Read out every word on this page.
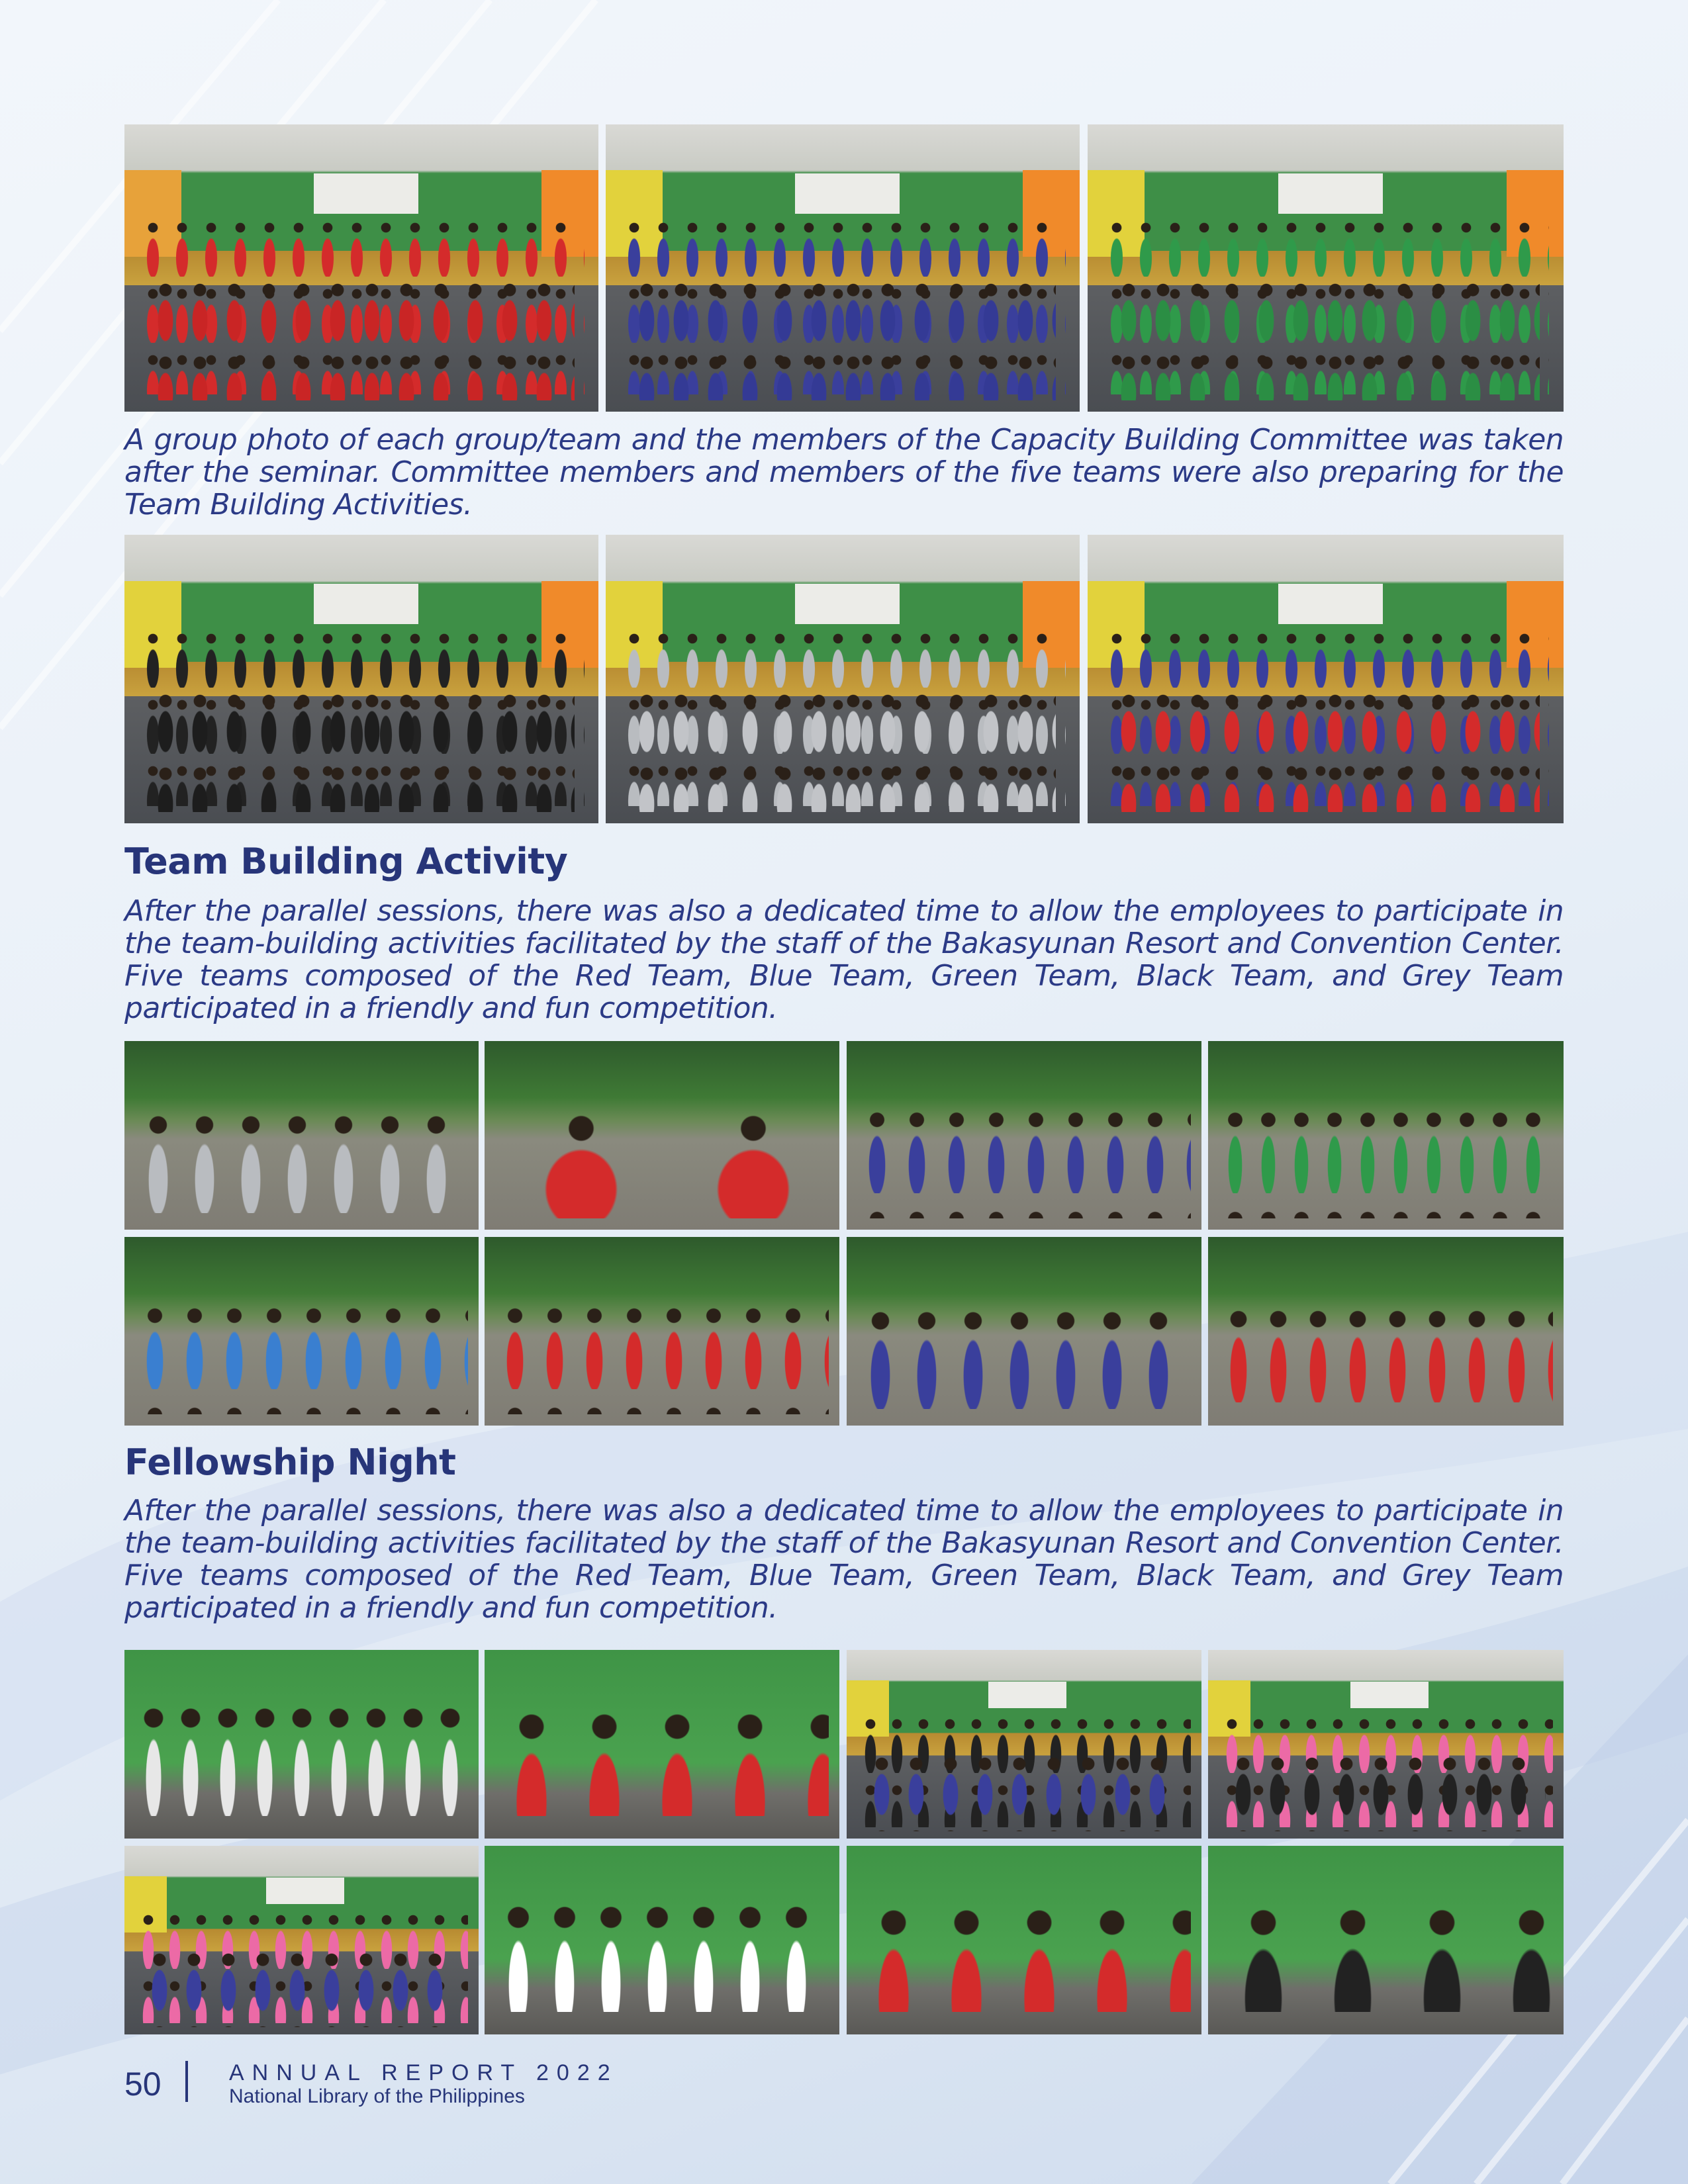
A group photo of each group/team and the members of the Capacity Building Committee was taken after the seminar. Committee members and members of the five teams were also preparing for the Team Building Activities.

Team Building Activity

After the parallel sessions, there was also a dedicated time to allow the employees to participate in the team-building activities facilitated by the staff of the Bakasyunan Resort and Convention Center. Five teams composed of the Red Team, Blue Team, Green Team, Black Team, and Grey Team participated in a friendly and fun competition.

Fellowship Night

After the parallel sessions, there was also a dedicated time to allow the employees to participate in the team-building activities facilitated by the staff of the Bakasyunan Resort and Convention Center. Five teams composed of the Red Team, Blue Team, Green Team, Black Team, and Grey Team participated in a friendly and fun competition.

50	ANNUAL REPORT 2022
National Library of the Philippines
